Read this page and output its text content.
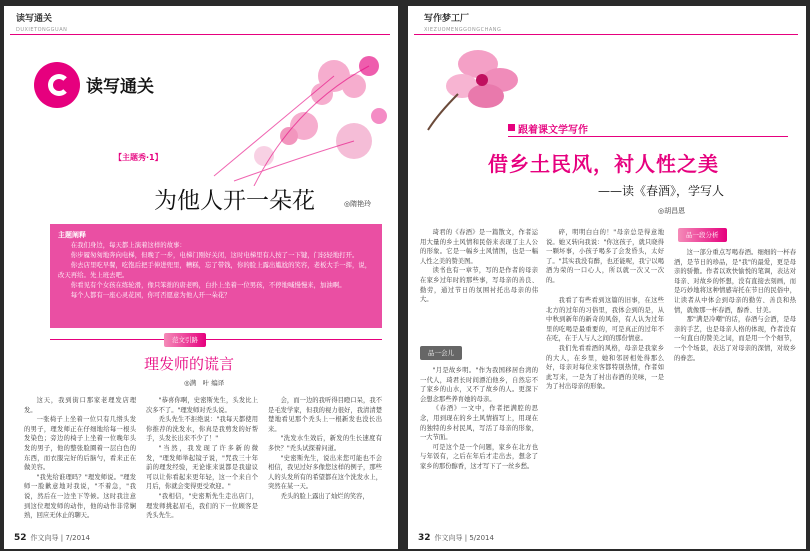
读写通关
DUXIETONGGUAN
读写通关
【主题秀·1】
为他人开一朵花	◎隋艳玲
主题阐释

在我们身边，每天都上演着这样的故事：

你步履匆匆地奔向电梯，但晚了一步，电梯门刚好关闭，这时电梯里有人按了一下键，门轻轻地打开。

你去店里吃早餐，吃饱后把手伸进兜里，糟糕，忘了带钱，你的脸上露出尴尬的笑容，老板大手一挥，说，改天再给。先上班去吧。

你看见有个女孩在练轮滑，像只笨拙的唐老鸭，白扑上坐着一位男孩，不停地喊慢慢来，加油啊。

每个人都有一座心灵花园，你可否愿意为他人开一朵花？

范文引路
理发师的谎言
◎满　叶 编译

这天，我到街口那家老理发店理发。

一张椅子上坐着一位只有几绺头发的男子，理发师正在仔细地给每一根头发染色；旁边的椅子上坐着一位晚年头发的男子，他的整张脸圈着一层白色的东西，而衣服完好的后脑勺，看来正在做美容。

"我先给谁理吗？"理发师说。"理发师一脸歉意地对我说，"不着急，"我说，然后在一边坐下等候。这时我注意到这位理发师的动作，他的动作非常娴熟，回应无休止的聊天。

"恭喜你啊，史密斯先生，头发比上次多不了。"理发师对秃头说。

秃头先生不拒绝说："我每天都使用你推荐的洗发水，你真是我剪发的好帮手，头发长出来不少了！"

"当然，我发现了许多新的微发，"理发师举起镜子说，"咒我三十年前的理发经验，无论谁来说都是我建议可以让你看起来更年轻，这一个来自个月后，你就会变得更受欢迎。"

"我相信，"史密斯先生走出店门，理发师挑起眉毛，我们的下一位顾客是秃头先生。

会，而一边的我听得目瞪口呆，我不是毛发学家，但我的视力很好，我清清楚楚地看见那个秃头上一根新发也没长出来。

"洗发水生效后，新发的生长速度有多快？"秃头试探着问道。

"史密斯先生，说出来您可能也不会相信，我见过好多像您这样的例子，那些人的头发所有的希望都在这个洗发水上，突然在某一天。

秃头的脸上露出了灿烂的笑容，

52 作文向导 | 7/2014
写作梦工厂
XIEZUOMENGGONGCHANG
跟着课文学写作
借乡土民风，衬人性之美
——读《春酒》，学写人
◎胡昌恩

琦君的《春酒》是一篇散文，作者运用大量的乡土风情和民俗来表现了主人公的形象。它是一幅乡土风情图，也是一幅人性之美的赞美图。

读书也有一章节，写的是作者的母亲在家乡过年时的那些事，写母亲的善良、勤劳，通过节日的氛围衬托出母亲的伟大。

碎，明明白白的！"母亲总是得意地说。她又转向我说："你这孩子，就只晓得一颗坏事，小孩子喝多了会发昏头，太好了。"其实我没有醉，也还能呢，我宁以喝酒为荣的一口心人，所以就一次又一次的。

品一会儿

"月是故乡明。"作为我国移居台湾的一代人，琦君长时间漂泊他乡，自然忘不了家乡的山水，又不了故乡的人。更深下会想念那些养育她的母亲。

《春酒》一文中，作者把满腔的思念，用到现在的乡土风情描写上，用现在的独特的乡村民风，写活了母亲的形象，一大节面。

可是这个是一个问题，家乡在北方也与年饭有，之后在年后才走出去，想念了家乡的那份醇香，这才写下了一丝乡愁。

我看了有些看到这篇的旧事，在这些北方的过年的习俗里，我体会到的是，从中秋到新年的新奇的风俗，有人认为过年里的吃喝是最重要的，可是真正的过年不在吃，在于人与人之间的那份情意。

我们先看看酒的风格，母亲是我家乡的大人，在乡里，她和邻居相处得那么好，母亲对每位来客都特别热情，作者如此写来，一是为了衬出春酒的美味，一是为了衬出母亲的形象。

品一段分析

这一部分重点写喝春酒。细细的一杯春酒，是节日的珍品，是"我"的最爱，更是母亲的骄傲。作者以欢快愉悦的笔调，表达对母亲、对故乡的怀想，没有直接去刻画，而是巧妙地将这种情感寄托在节日的民俗中，让读者从中体会到母亲的勤劳、善良和热情，就像那一杯春酒，醇香、甘美。

那"满是冷嘲"的话，春酒与会酒，是母亲的手艺，也是母亲人格的体现，作者没有一句直白的赞美之词，而是用一个个细节，一个个场景，表达了对母亲的深情，对故乡的眷恋。

32 作文向导 | 5/2014
